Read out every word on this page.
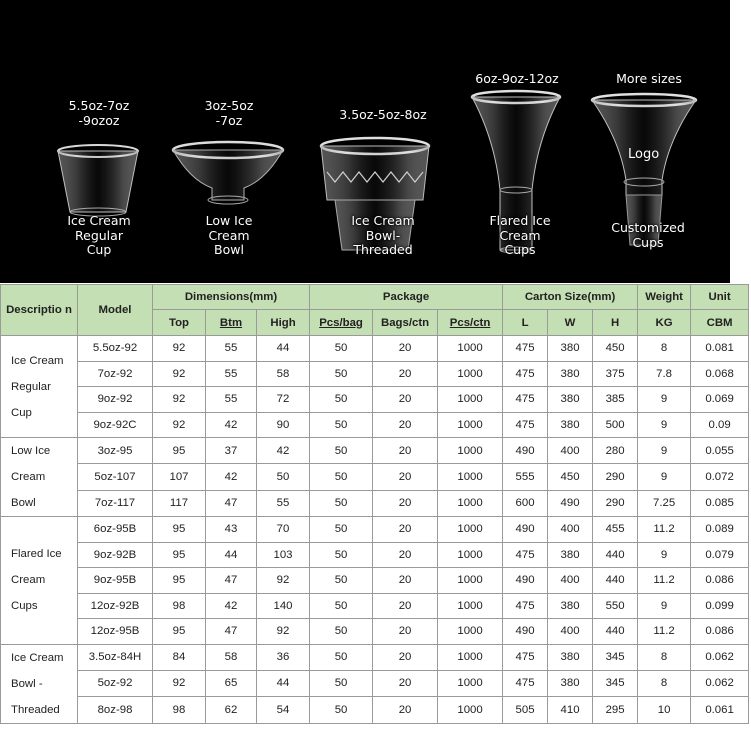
5.5oz-7oz
-9ozoz
3oz-5oz
-7oz	3.5oz-5oz-8oz
6oz-9oz-12oz	More sizes
Ice Cream
Regular
Cup
Low Ice
Cream
Bowl
Ice Cream
Bowl-
Threaded
Flared Ice
Cream
Cups
Customized
Cups
Logo
Descriptio n	Model	Dimensions(mm)			Package			Carton Size(mm)			Weight	Unit
		Top	Btm	High	Pcs/bag	Bags/ctn	Pcs/ctn	L	W	H	KG	CBM

Ice Cream
Regular
Cup	5.5oz-92	92	55	44	50	20	1000	475	380	450	8	0.081
	7oz-92	92	55	58	50	20	1000	475	380	375	7.8	0.068
	9oz-92	92	55	72	50	20	1000	475	380	385	9	0.069
	9oz-92C	92	42	90	50	20	1000	475	380	500	9	0.09

Low Ice
Cream
Bowl	3oz-95	95	37	42	50	20	1000	490	400	280	9	0.055
	5oz-107	107	42	50	50	20	1000	555	450	290	9	0.072
	7oz-117	117	47	55	50	20	1000	600	490	290	7.25	0.085

Flared Ice
Cream
Cups	6oz-95B	95	43	70	50	20	1000	490	400	455	11.2	0.089
	9oz-92B	95	44	103	50	20	1000	475	380	440	9	0.079
	9oz-95B	95	47	92	50	20	1000	490	400	440	11.2	0.086
	12oz-92B	98	42	140	50	20	1000	475	380	550	9	0.099
	12oz-95B	95	47	92	50	20	1000	490	400	440	11.2	0.086

Ice Cream
Bowl -
Threaded	3.5oz-84H	84	58	36	50	20	1000	475	380	345	8	0.062
	5oz-92	92	65	44	50	20	1000	475	380	345	8	0.062
	8oz-98	98	62	54	50	20	1000	505	410	295	10	0.061
